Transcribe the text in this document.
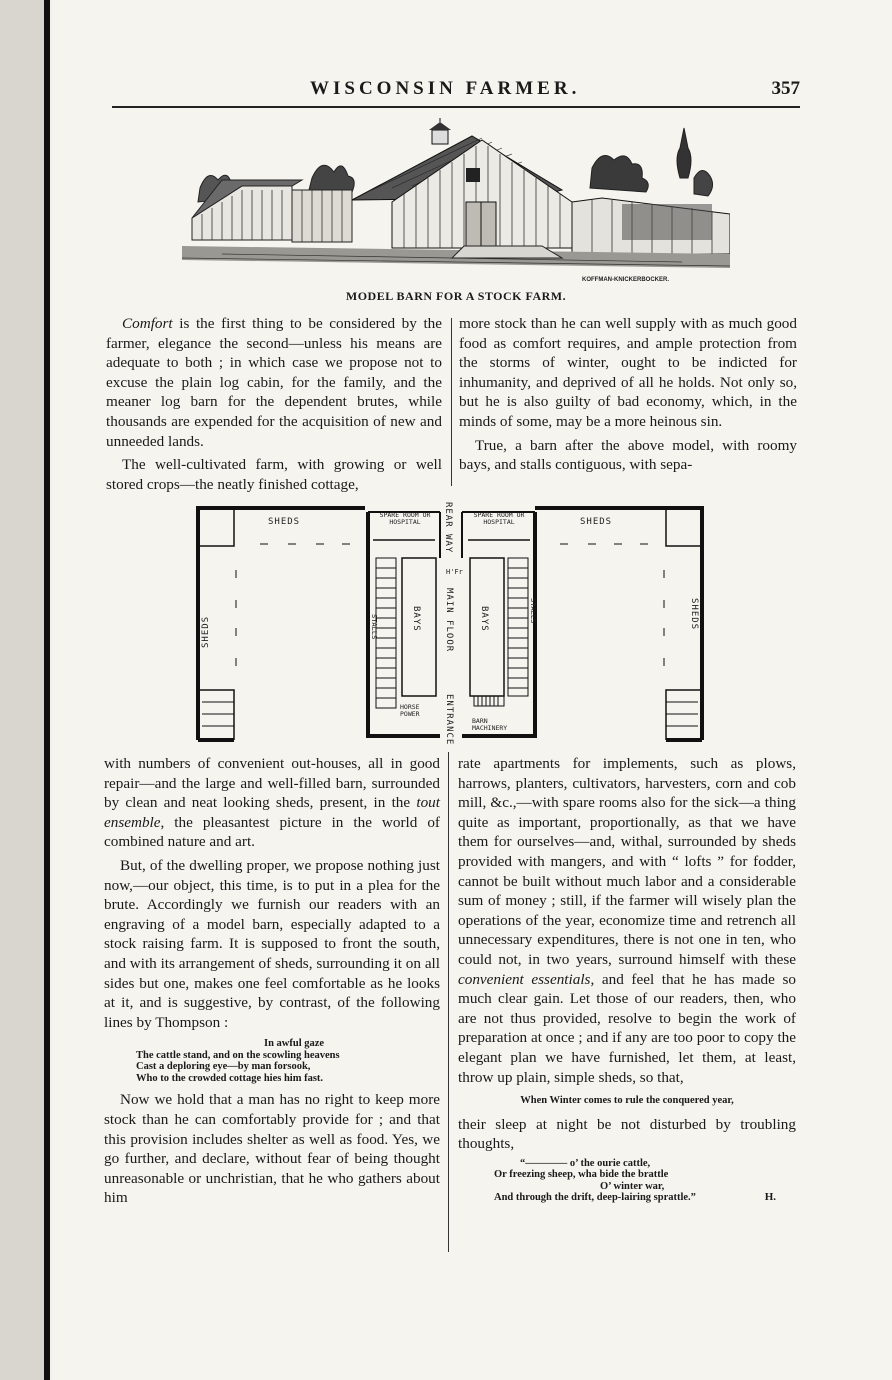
WISCONSIN FARMER.	357
KOFFMAN-KNICKERBOCKER.
MODEL BARN FOR A STOCK FARM.

Comfort is the first thing to be considered by the farmer, elegance the second—unless his means are adequate to both ; in which case we propose not to excuse the plain log cabin, for the family, and the meaner log barn for the dependent brutes, while thousands are expended for the acquisition of new and unneeded lands.

The well-cultivated farm, with growing or well stored crops—the neatly finished cottage,

more stock than he can well supply with as much good food as comfort requires, and ample protection from the storms of winter, ought to be indicted for inhumanity, and deprived of all he holds. Not only so, but he is also guilty of bad economy, which, in the minds of some, may be a more heinous sin.

True, a barn after the above model, with roomy bays, and stalls contiguous, with sepa-

SHEDS	SHEDS
SHEDS
SHEDS
SPARE ROOM OR HOSPITAL
SPARE ROOM OR HOSPITAL
REAR WAY
H'Fr
MAIN FLOOR
ENTRANCE
BAYS	BAYS
STALLS
STALLS
HORSE POWER
BARN MACHINERY

with numbers of convenient out-houses, all in good repair—and the large and well-filled barn, surrounded by clean and neat looking sheds, present, in the tout ensemble, the pleasantest picture in the world of combined nature and art.

But, of the dwelling proper, we propose nothing just now,—our object, this time, is to put in a plea for the brute. Accordingly we furnish our readers with an engraving of a model barn, especially adapted to a stock raising farm. It is supposed to front the south, and with its arrangement of sheds, surrounding it on all sides but one, makes one feel comfortable as he looks at it, and is suggestive, by contrast, of the following lines by Thompson :

In awful gaze
The cattle stand, and on the scowling heavens
Cast a deploring eye—by man forsook,
Who to the crowded cottage hies him fast.

Now we hold that a man has no right to keep more stock than he can comfortably provide for ; and that this provision includes shelter as well as food. Yes, we go further, and declare, without fear of being thought unreasonable or unchristian, that he who gathers about him

rate apartments for implements, such as plows, harrows, planters, cultivators, harvesters, corn and cob mill, &c.,—with spare rooms also for the sick—a thing quite as important, proportionally, as that we have them for ourselves—and, withal, surrounded by sheds provided with mangers, and with “ lofts ” for fodder, cannot be built without much labor and a considerable sum of money ; still, if the farmer will wisely plan the operations of the year, economize time and retrench all unnecessary expenditures, there is not one in ten, who could not, in two years, surround himself with these convenient essentials, and feel that he has made so much clear gain. Let those of our readers, then, who are not thus provided, resolve to begin the work of preparation at once ; and if any are too poor to copy the elegant plan we have furnished, let them, at least, throw up plain, simple sheds, so that,

When Winter comes to rule the conquered year,

their sleep at night be not disturbed by troubling thoughts,

“———— o’ the ourie cattle,
Or freezing sheep, wha bide the brattle
O’ winter war,
And through the drift, deep-lairing sprattle.”	H.
